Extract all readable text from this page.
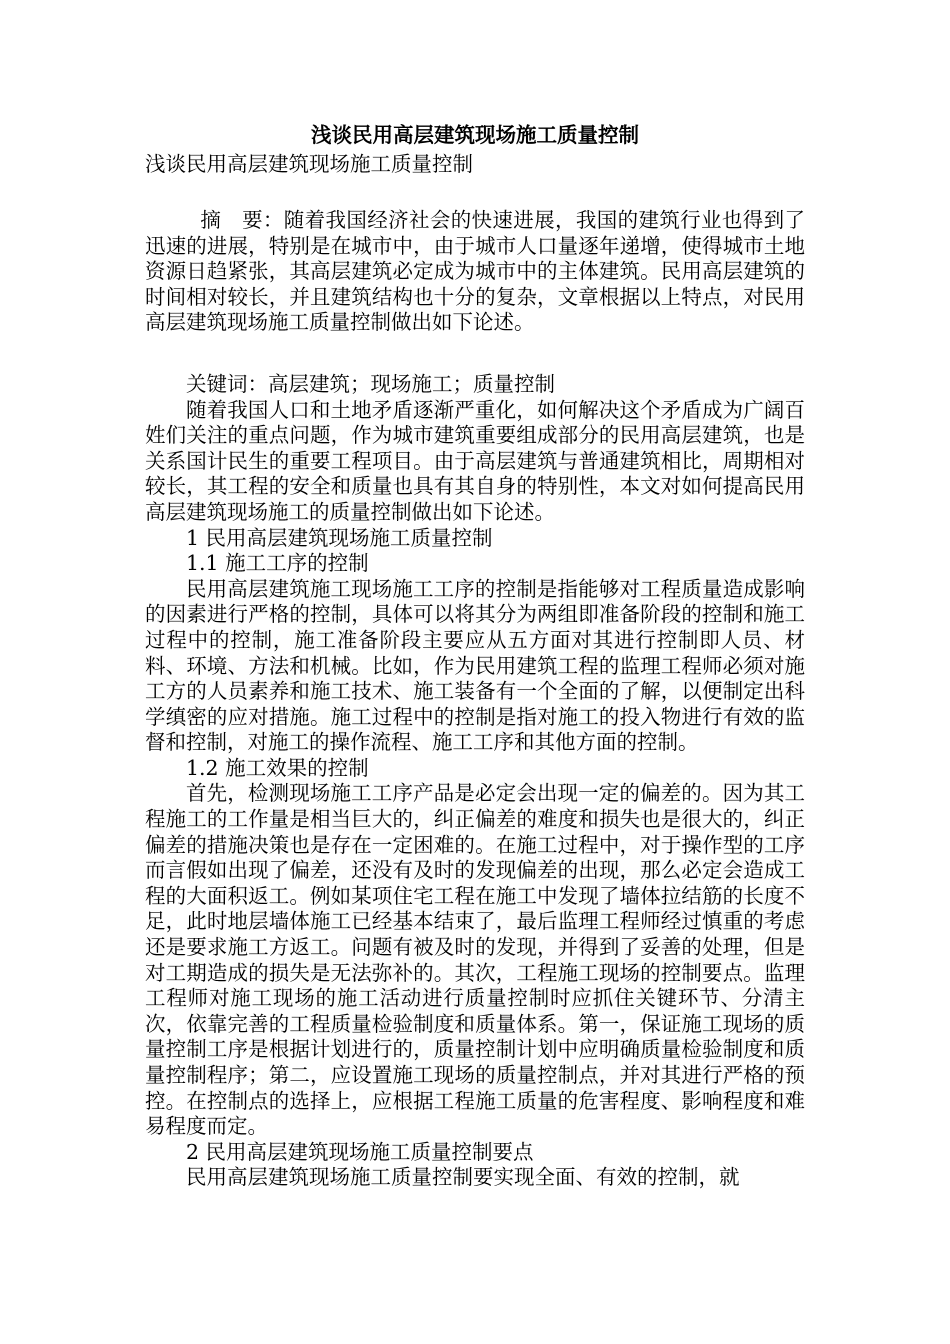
浅谈民用高层建筑现场施工质量控制
浅谈民用高层建筑现场施工质量控制

摘　要：随着我国经济社会的快速进展，我国的建筑行业也得到了迅速的进展，特别是在城市中，由于城市人口量逐年递增，使得城市土地资源日趋紧张，其高层建筑必定成为城市中的主体建筑。民用高层建筑的时间相对较长，并且建筑结构也十分的复杂，文章根据以上特点，对民用高层建筑现场施工质量控制做出如下论述。

关键词：高层建筑；现场施工；质量控制

随着我国人口和土地矛盾逐渐严重化，如何解决这个矛盾成为广阔百姓们关注的重点问题，作为城市建筑重要组成部分的民用高层建筑，也是关系国计民生的重要工程项目。由于高层建筑与普通建筑相比，周期相对较长，其工程的安全和质量也具有其自身的特别性，本文对如何提高民用高层建筑现场施工的质量控制做出如下论述。

1 民用高层建筑现场施工质量控制

1.1 施工工序的控制

民用高层建筑施工现场施工工序的控制是指能够对工程质量造成影响的因素进行严格的控制，具体可以将其分为两组即准备阶段的控制和施工过程中的控制，施工准备阶段主要应从五方面对其进行控制即人员、材料、环境、方法和机械。比如，作为民用建筑工程的监理工程师必须对施工方的人员素养和施工技术、施工装备有一个全面的了解，以便制定出科学缜密的应对措施。施工过程中的控制是指对施工的投入物进行有效的监督和控制，对施工的操作流程、施工工序和其他方面的控制。

1.2 施工效果的控制

首先，检测现场施工工序产品是必定会出现一定的偏差的。因为其工程施工的工作量是相当巨大的，纠正偏差的难度和损失也是很大的，纠正偏差的措施决策也是存在一定困难的。在施工过程中，对于操作型的工序而言假如出现了偏差，还没有及时的发现偏差的出现，那么必定会造成工程的大面积返工。例如某项住宅工程在施工中发现了墙体拉结筋的长度不足，此时地层墙体施工已经基本结束了，最后监理工程师经过慎重的考虑还是要求施工方返工。问题有被及时的发现，并得到了妥善的处理，但是对工期造成的损失是无法弥补的。其次，工程施工现场的控制要点。监理工程师对施工现场的施工活动进行质量控制时应抓住关键环节、分清主次，依靠完善的工程质量检验制度和质量体系。第一，保证施工现场的质量控制工序是根据计划进行的，质量控制计划中应明确质量检验制度和质量控制程序；第二，应设置施工现场的质量控制点，并对其进行严格的预控。在控制点的选择上，应根据工程施工质量的危害程度、影响程度和难易程度而定。

2 民用高层建筑现场施工质量控制要点

民用高层建筑现场施工质量控制要实现全面、有效的控制，就
